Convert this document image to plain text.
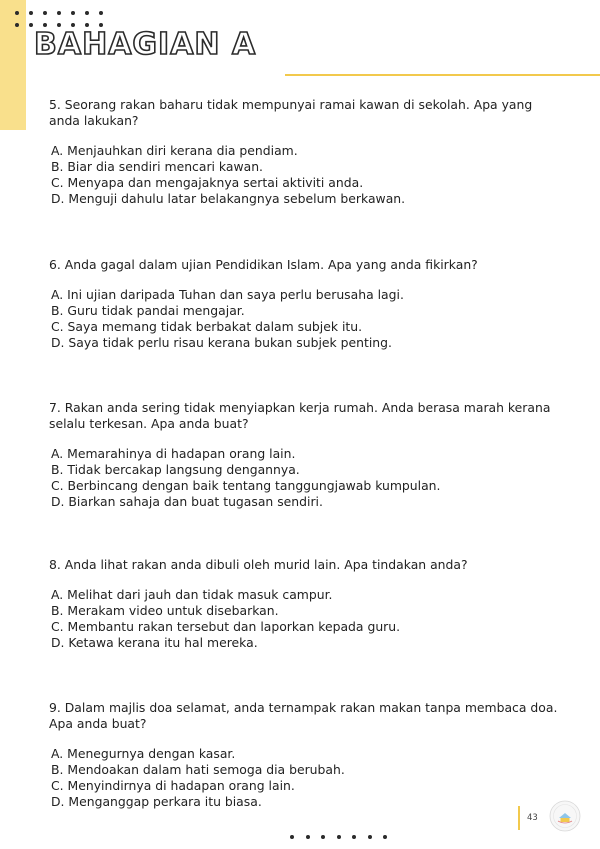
BAHAGIAN A

5. Seorang rakan baharu tidak mempunyai ramai kawan di sekolah. Apa yang anda lakukan?

A. Menjauhkan diri kerana dia pendiam.
B. Biar dia sendiri mencari kawan.
C. Menyapa dan mengajaknya sertai aktiviti anda.
D. Menguji dahulu latar belakangnya sebelum berkawan.

6. Anda gagal dalam ujian Pendidikan Islam. Apa yang anda fikirkan?

A. Ini ujian daripada Tuhan dan saya perlu berusaha lagi.
B. Guru tidak pandai mengajar.
C. Saya memang tidak berbakat dalam subjek itu.
D. Saya tidak perlu risau kerana bukan subjek penting.

7. Rakan anda sering tidak menyiapkan kerja rumah. Anda berasa marah kerana selalu terkesan. Apa anda buat?

A. Memarahinya di hadapan orang lain.
B. Tidak bercakap langsung dengannya.
C. Berbincang dengan baik tentang tanggungjawab kumpulan.
D. Biarkan sahaja dan buat tugasan sendiri.

8. Anda lihat rakan anda dibuli oleh murid lain. Apa tindakan anda?

A. Melihat dari jauh dan tidak masuk campur.
B. Merakam video untuk disebarkan.
C. Membantu rakan tersebut dan laporkan kepada guru.
D. Ketawa kerana itu hal mereka.

9. Dalam majlis doa selamat, anda ternampak rakan makan tanpa membaca doa. Apa anda buat?

A. Menegurnya dengan kasar.
B. Mendoakan dalam hati semoga dia berubah.
C. Menyindirnya di hadapan orang lain.
D. Menganggap perkara itu biasa.
43
